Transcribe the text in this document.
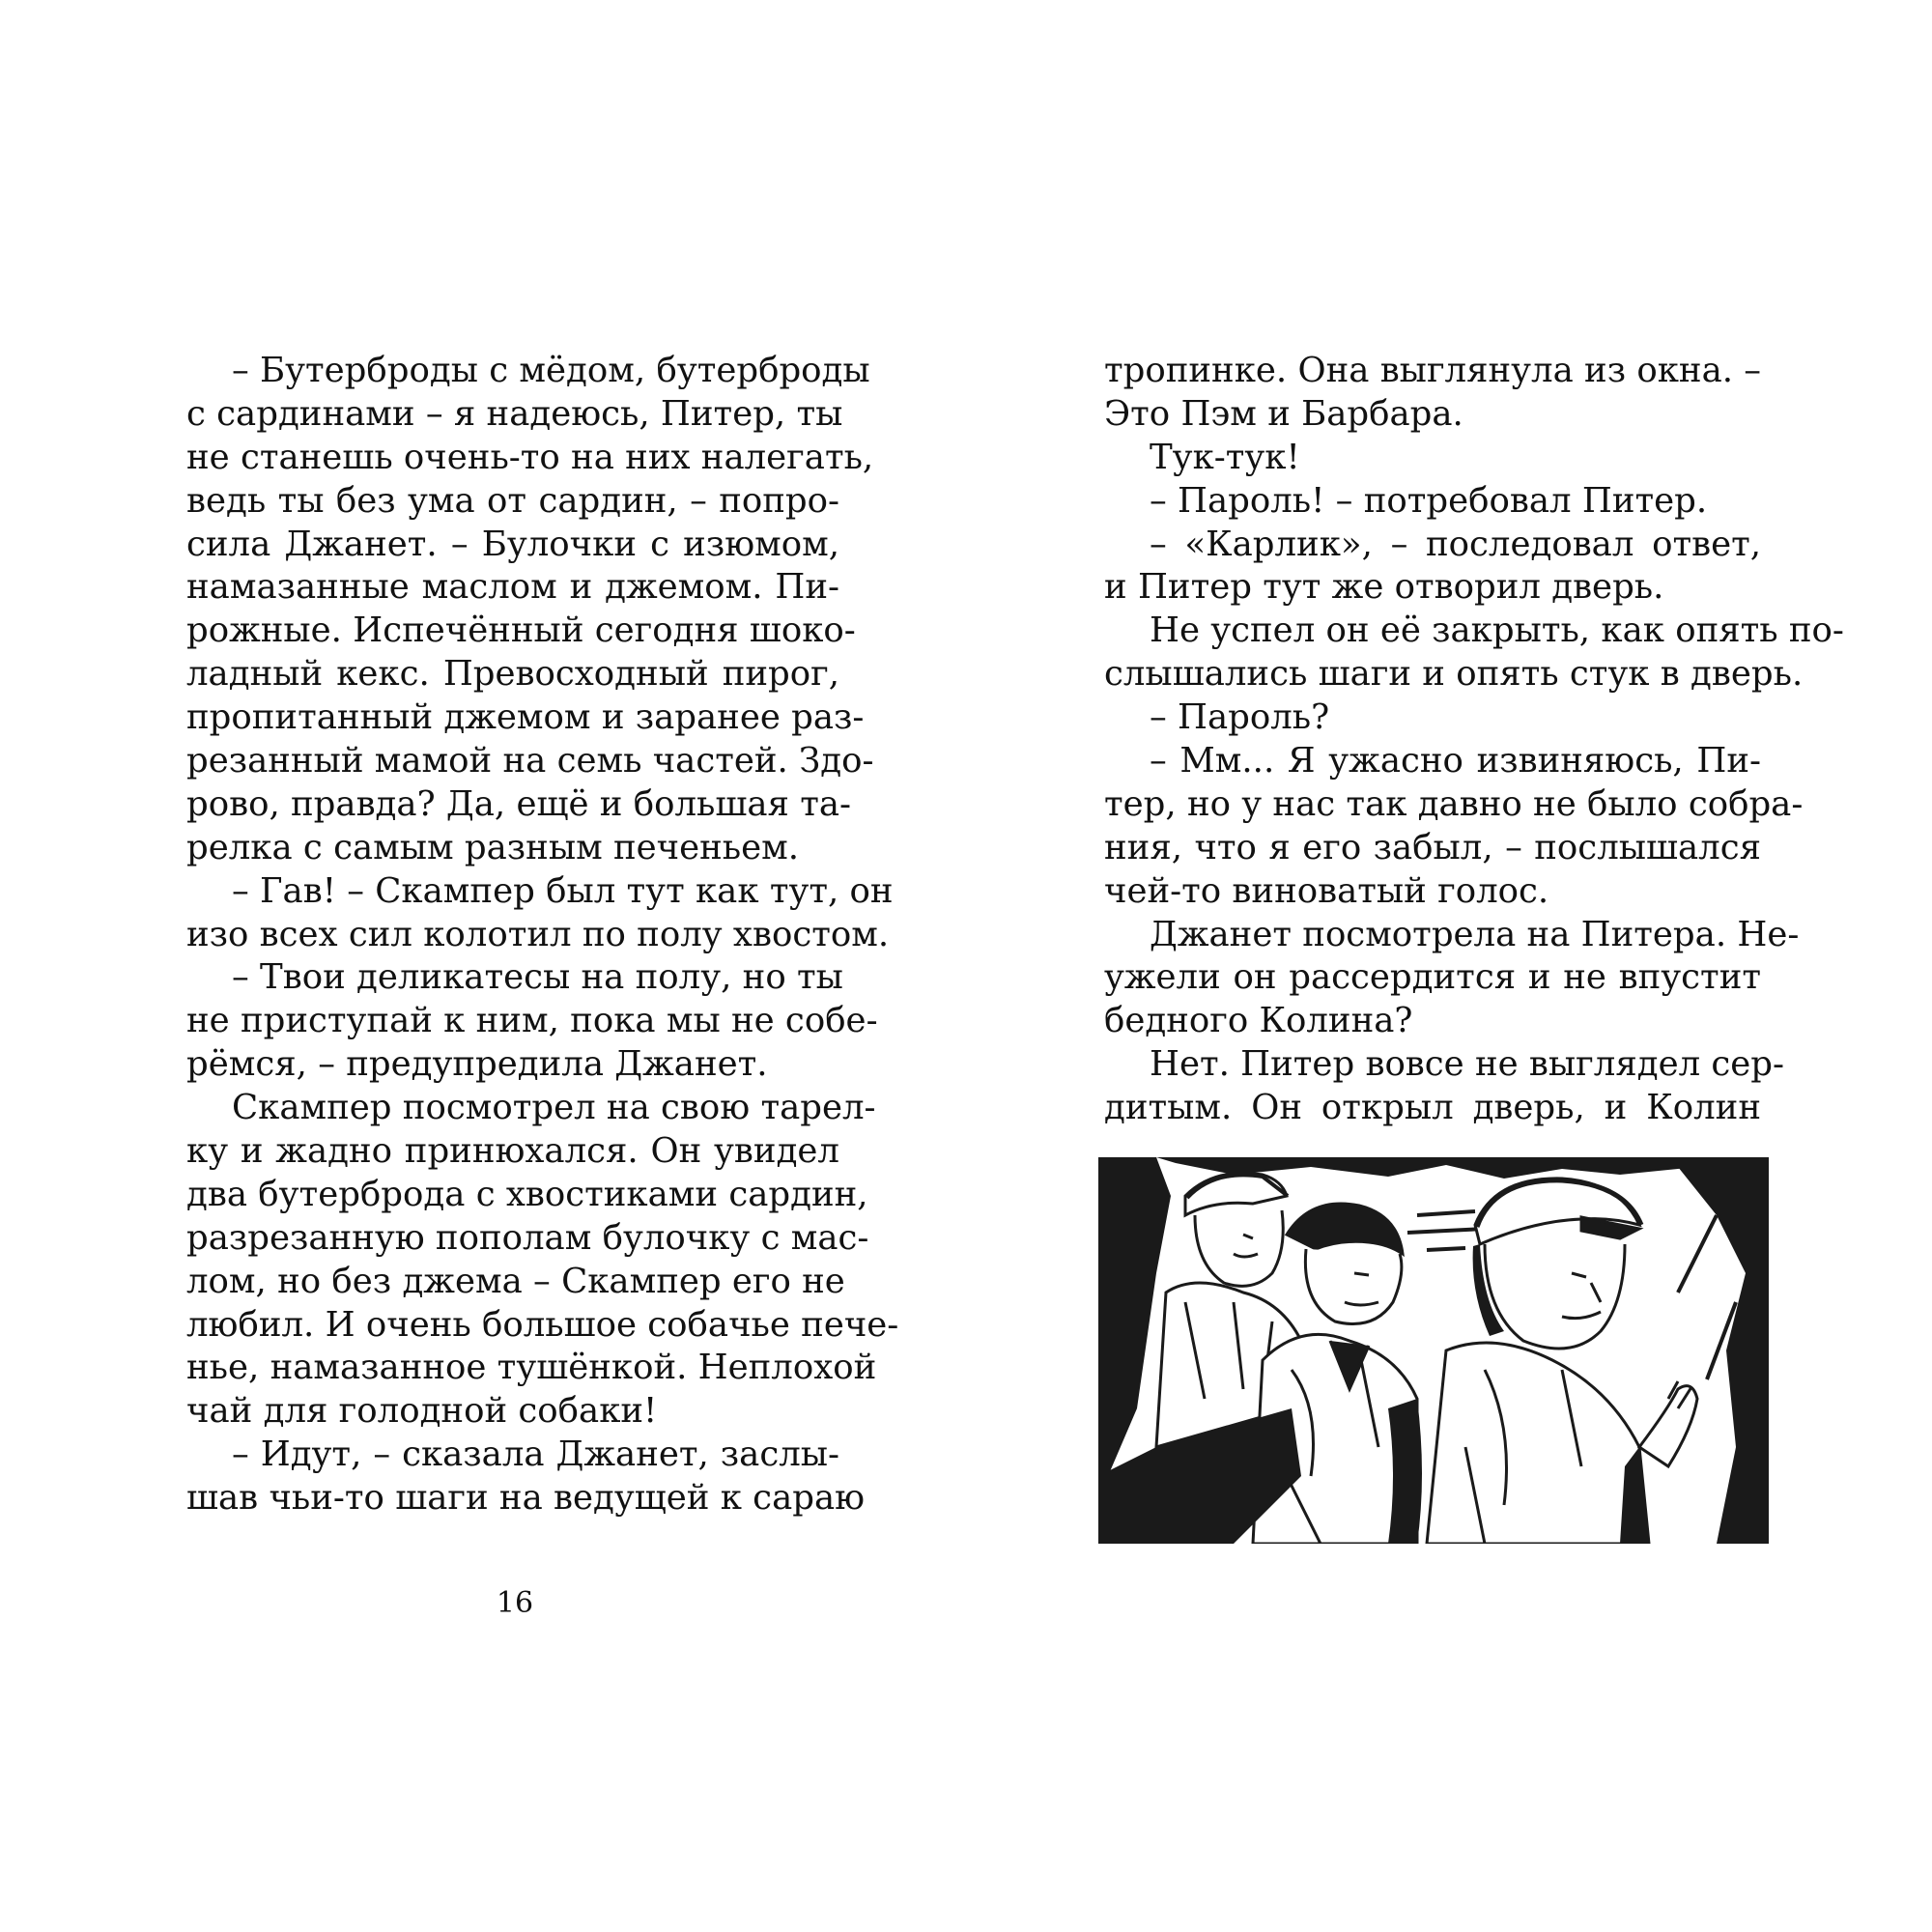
– Бутерброды с мёдом, бутерброды
с сардинами – я надеюсь, Питер, ты
не станешь очень-то на них налегать,
ведь ты без ума от сардин, – попро-
сила Джанет. – Булочки с изюмом,
намазанные маслом и джемом. Пи-
рожные. Испечённый сегодня шоко-
ладный кекс. Превосходный пирог,
пропитанный джемом и заранее раз-
резанный мамой на семь частей. Здо-
рово, правда? Да, ещё и большая та-
релка с самым разным печеньем.
– Гав! – Скампер был тут как тут, он
изо всех сил колотил по полу хвостом.
– Твои деликатесы на полу, но ты
не приступай к ним, пока мы не собе-
рёмся, – предупредила Джанет.
Скампер посмотрел на свою тарел-
ку и жадно принюхался. Он увидел
два бутерброда с хвостиками сардин,
разрезанную пополам булочку с мас-
лом, но без джема – Скампер его не
любил. И очень большое собачье пече-
нье, намазанное тушёнкой. Неплохой
чай для голодной собаки!
– Идут, – сказала Джанет, заслы-
шав чьи-то шаги на ведущей к сараю
16
тропинке. Она выглянула из окна. –
Это Пэм и Барбара.
Тук-тук!
– Пароль! – потребовал Питер.
– «Карлик», – последовал ответ,
и Питер тут же отворил дверь.
Не успел он её закрыть, как опять по-
слышались шаги и опять стук в дверь.
– Пароль?
– Мм... Я ужасно извиняюсь, Пи-
тер, но у нас так давно не было собра-
ния, что я его забыл, – послышался
чей-то виноватый голос.
Джанет посмотрела на Питера. Не-
ужели он рассердится и не впустит
бедного Колина?
Нет. Питер вовсе не выглядел сер-
дитым. Он открыл дверь, и Колин
